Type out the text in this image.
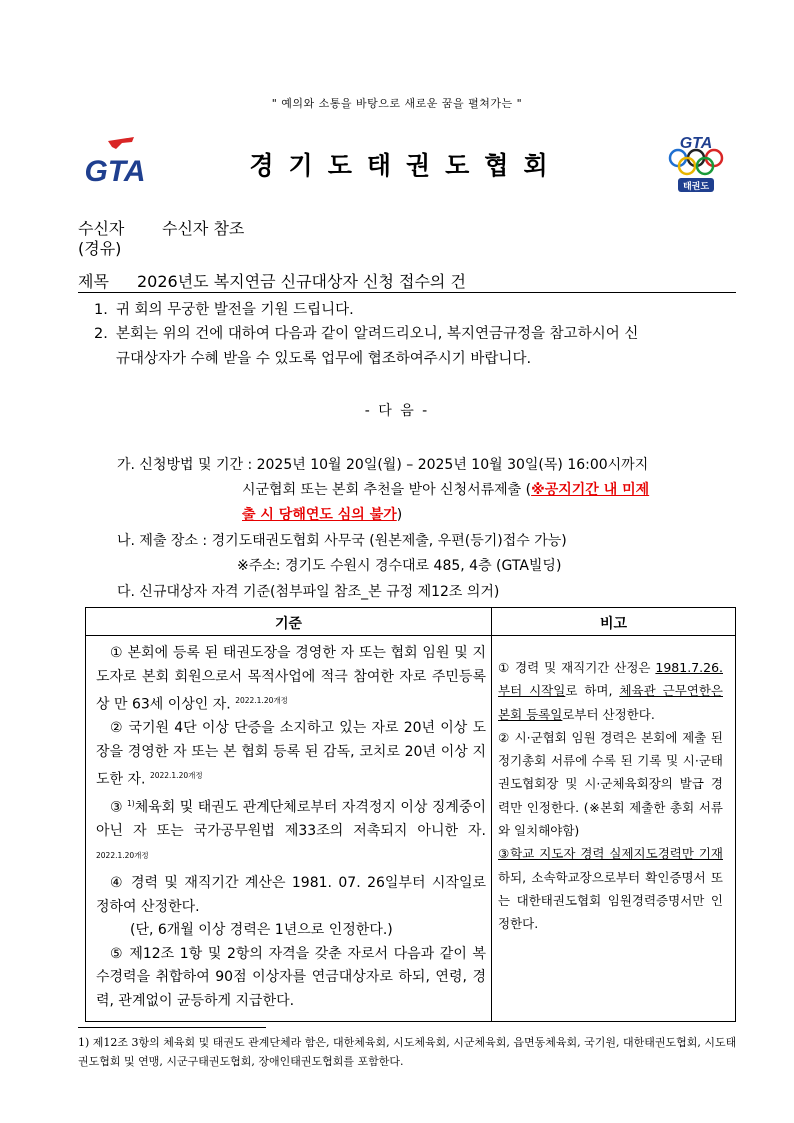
" 예의와 소통을 바탕으로 새로운 꿈을 펼쳐가는 "
GTA	경기도태권도협회
GTA
태권도
수신자 수신자 참조
(경유)
제목 2026년도 복지연금 신규대상자 신청 접수의 건
1. 귀 회의 무궁한 발전을 기원 드립니다.
2. 본회는 위의 건에 대하여 다음과 같이 알려드리오니, 복지연금규정을 참고하시어 신
규대상자가 수혜 받을 수 있도록 업무에 협조하여주시기 바랍니다.
- 다 음 -
가. 신청방법 및 기간 : 2025년 10월 20일(월) – 2025년 10월 30일(목) 16:00시까지
시군협회 또는 본회 추천을 받아 신청서류제출 (※공지기간 내 미제
출 시 당해연도 심의 불가)
나. 제출 장소 : 경기도태권도협회 사무국 (원본제출, 우편(등기)접수 가능)
※주소: 경기도 수원시 경수대로 485, 4층 (GTA빌딩)
다. 신규대상자 자격 기준(첨부파일 참조_본 규정 제12조 의거)
기준	비고

① 본회에 등록 된 태권도장을 경영한 자 또는 협회 임원 및 지도자로 본회 회원으로서 목적사업에 적극 참여한 자로 주민등록상 만 63세 이상인 자. $^{2022.1.20개정}$

② 국기원 4단 이상 단증을 소지하고 있는 자로 20년 이상 도장을 경영한 자 또는 본 협회 등록 된 감독, 코치로 20년 이상 지도한 자. $^{2022.1.20개정}$

③ $^{1)}$체육회 및 태권도 관계단체로부터 자격정지 이상 징계중이 아닌 자 또는 국가공무원법 제33조의 저촉되지 아니한 자. $^{2022.1.20개정}$

④ 경력 및 재직기간 계산은 1981. 07. 26일부터 시작일로 정하여 산정한다.

(단, 6개월 이상 경력은 1년으로 인정한다.)

⑤ 제12조 1항 및 2항의 자격을 갖춘 자로서 다음과 같이 복수경력을 취합하여 90점 이상자를 연금대상자로 하되, 연령, 경력, 관계없이 균등하게 지급한다.

① 경력 및 재직기간 산정은 1981.7.26. 부터 시작일로 하며, 체육관 근무연한은 본회 등록일로부터 산정한다.

② 시·군협회 임원 경력은 본회에 제출 된 정기총회 서류에 수록 된 기록 및 시·군태권도협회장 및 시·군체육회장의 발급 경력만 인정한다. (※본회 제출한 총회 서류와 일치해야함)

③학교 지도자 경력 실제지도경력만 기재하되, 소속학교장으로부터 확인증명서 또는 대한태권도협회 임원경력증명서만 인정한다.

1) 제12조 3항의 체육회 및 태권도 관계단체라 함은, 대한체육회, 시도체육회, 시군체육회, 읍면동체육회, 국기원, 대한태권도협회, 시도태권도협회 및 연맹, 시군구태권도협회, 장애인태권도협회를 포함한다.
